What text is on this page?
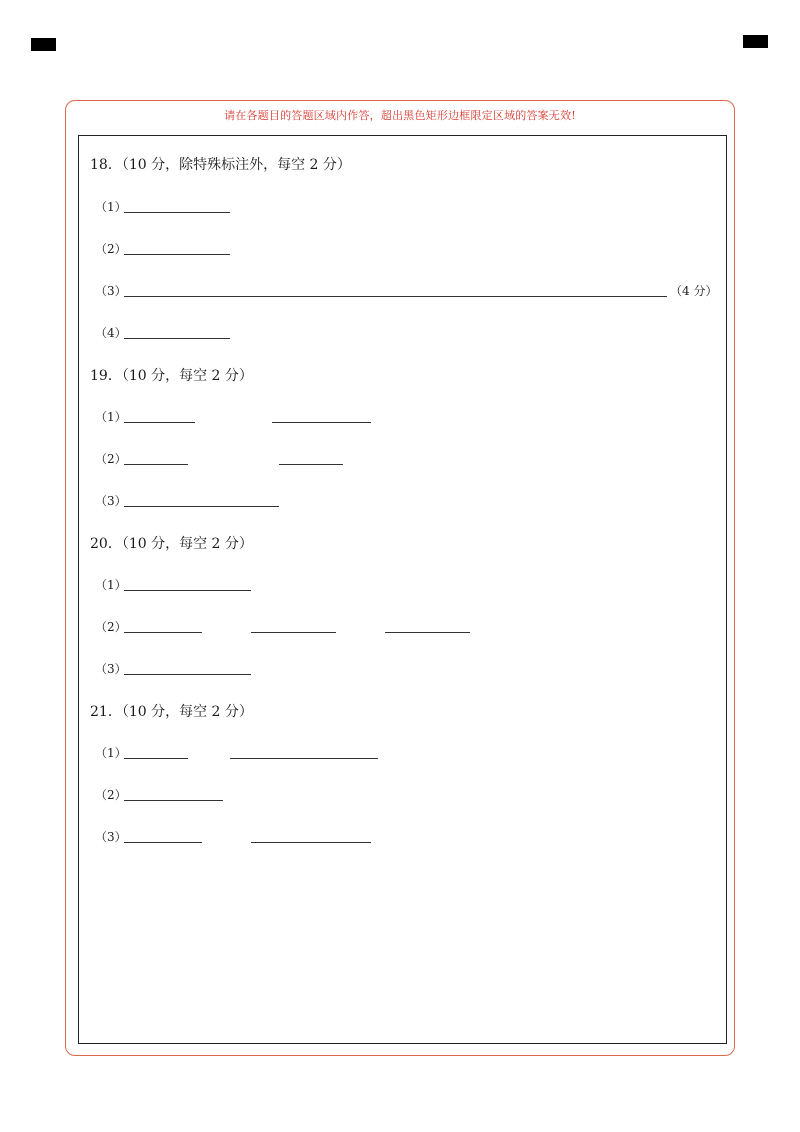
请在各题目的答题区域内作答，超出黑色矩形边框限定区域的答案无效!
18．（10 分，除特殊标注外，每空 2 分）
（1）
（2）
（3）	（4 分）
（4）
19．（10 分，每空 2 分）
（1）
（2）
（3）
20．（10 分，每空 2 分）
（1）
（2）
（3）
21．（10 分，每空 2 分）
（1）
（2）
（3）
